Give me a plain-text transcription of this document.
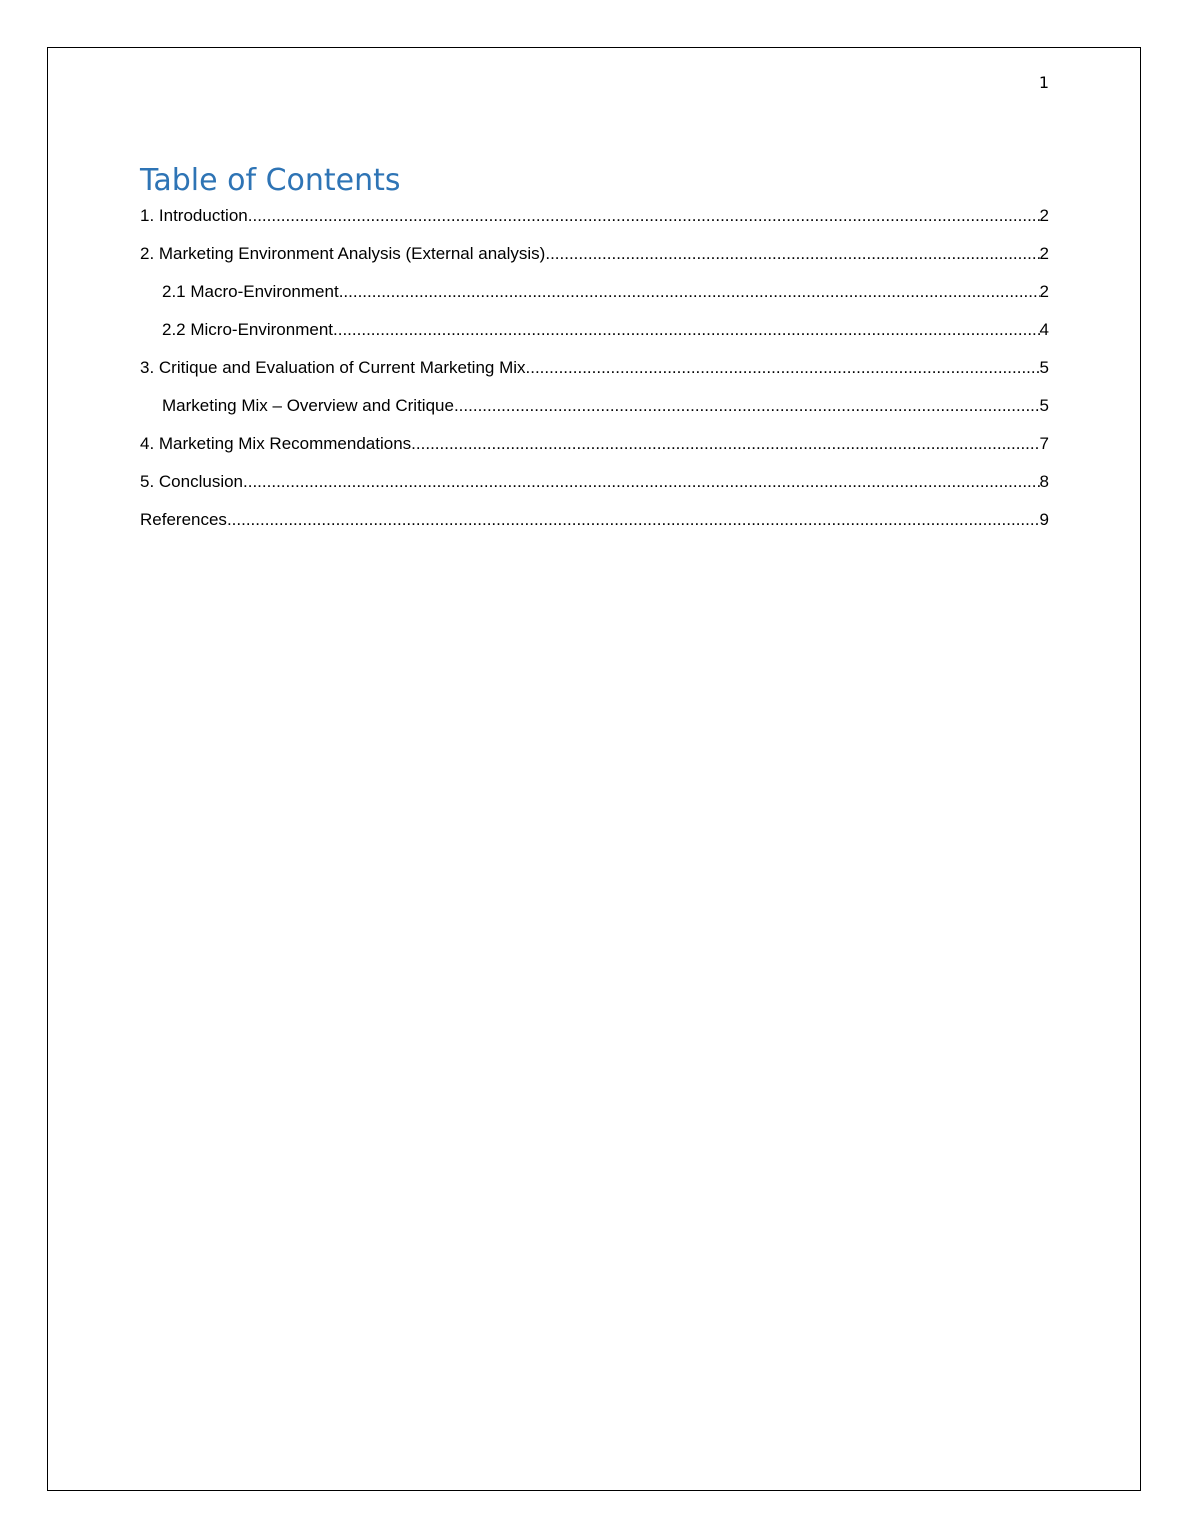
1
Table of Contents
1. Introduction .....	2
2. Marketing Environment Analysis (External analysis) .....	2
2.1 Macro-Environment .....	2
2.2 Micro-Environment .....	4
3. Critique and Evaluation of Current Marketing Mix .....	5
Marketing Mix – Overview and Critique .....	5
4. Marketing Mix Recommendations .....	7
5. Conclusion .....	8
References .....	9
